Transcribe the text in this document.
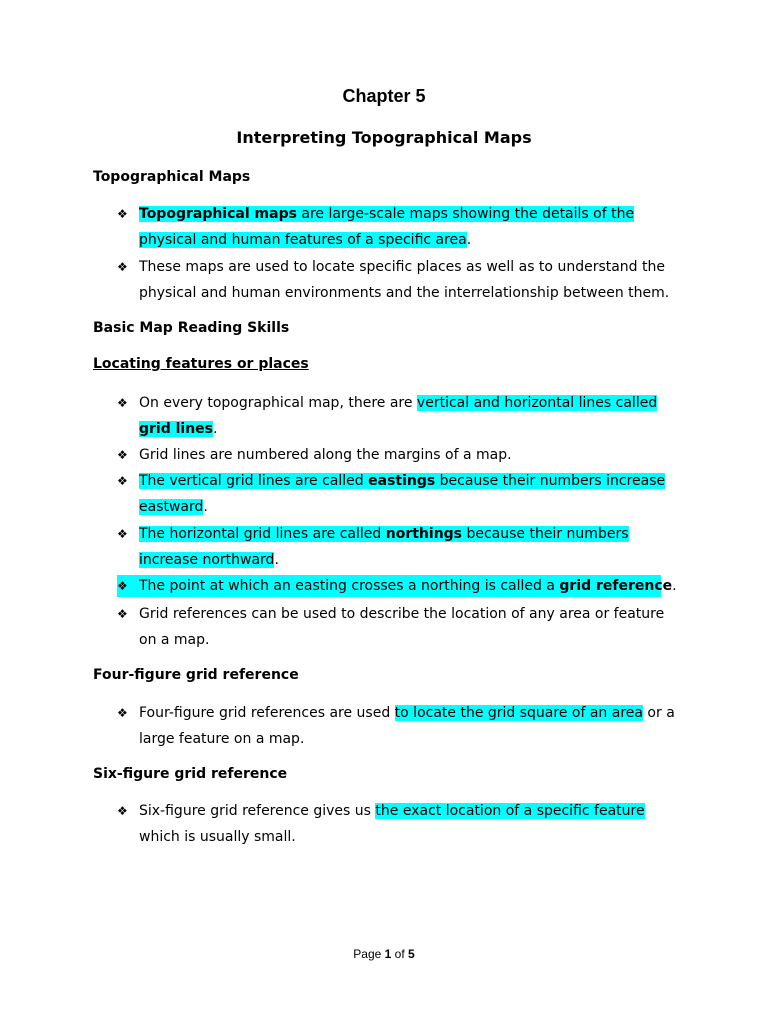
Chapter 5
Interpreting Topographical Maps
Topographical Maps
❖ Topographical maps are large-scale maps showing the details of the physical and human features of a specific area.
❖ These maps are used to locate specific places as well as to understand the physical and human environments and the interrelationship between them.
Basic Map Reading Skills
Locating features or places
❖ On every topographical map, there are vertical and horizontal lines called grid lines.
❖ Grid lines are numbered along the margins of a map.
❖ The vertical grid lines are called eastings because their numbers increase eastward.
❖ The horizontal grid lines are called northings because their numbers increase northward.
❖ The point at which an easting crosses a northing is called a grid reference.
❖ Grid references can be used to describe the location of any area or feature on a map.
Four-figure grid reference
❖ Four-figure grid references are used to locate the grid square of an area or a large feature on a map.
Six-figure grid reference
❖ Six-figure grid reference gives us the exact location of a specific feature which is usually small.
Page 1 of 5
